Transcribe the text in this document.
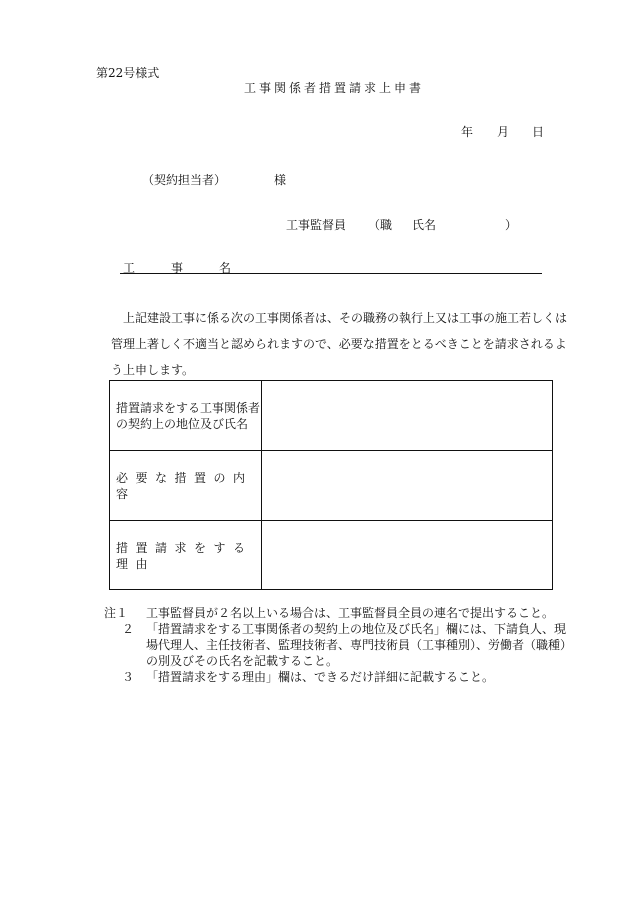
第22号様式
工事関係者措置請求上申書
年 月 日
（契約担当者）	様
工事監督員 （職 氏名	）
工　事　名
上記建設工事に係る次の工事関係者は、その職務の執行上又は工事の施工若しくは管理上著しく不適当と認められますので、必要な措置をとるべきことを請求されるよう上申します。
措置請求をする工事関係者
の契約上の地位及び氏名
必要な措置の内容
措置請求をする理由
注１ 工事監督員が２名以上いる場合は、工事監督員全員の連名で提出すること。
２ 「措置請求をする工事関係者の契約上の地位及び氏名」欄には、下請負人、現場代理人、主任技術者、監理技術者、専門技術員（工事種別）、労働者（職種）の別及びその氏名を記載すること。
３ 「措置請求をする理由」欄は、できるだけ詳細に記載すること。
